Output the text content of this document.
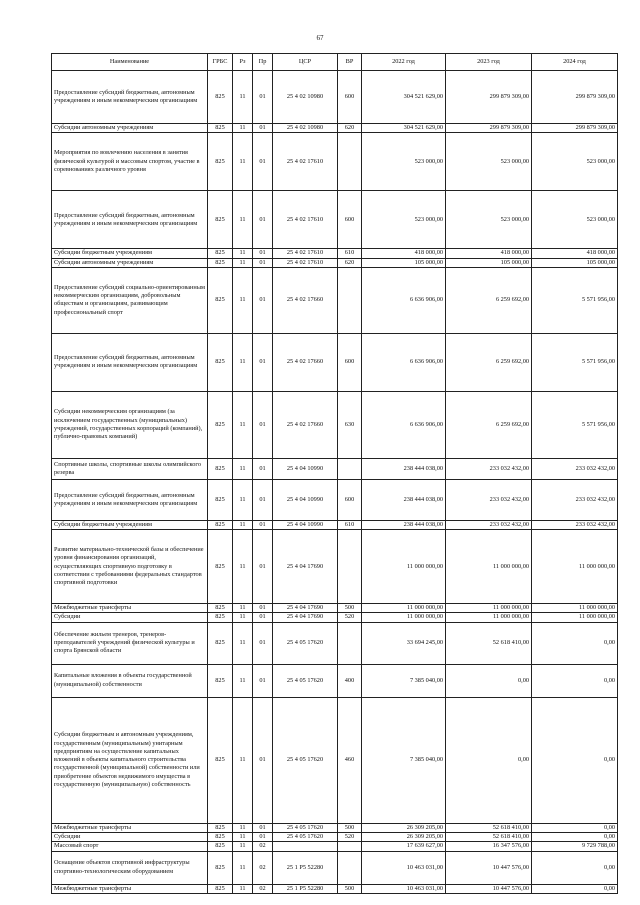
67
Наименование	ГРБС	Рз	Пр	ЦСР	ВР	2022 год	2023 год	2024 год
Предоставление субсидий бюджетным, автономным учреждениям и иным некоммерческим организациям	825	11	01	25 4 02 10980	600	304 521 629,00	299 879 309,00	299 879 309,00
Субсидии автономным учреждениям	825	11	01	25 4 02 10980	620	304 521 629,00	299 879 309,00	299 879 309,00
Мероприятия по вовлечению населения в занятия физической культурой и массовым спортом, участие в соревнованиях различного уровня	825	11	01	25 4 02 17610		523 000,00	523 000,00	523 000,00
Предоставление субсидий бюджетным, автономным учреждениям и иным некоммерческим организациям	825	11	01	25 4 02 17610	600	523 000,00	523 000,00	523 000,00
Субсидии бюджетным учреждениям	825	11	01	25 4 02 17610	610	418 000,00	418 000,00	418 000,00
Субсидии автономным учреждениям	825	11	01	25 4 02 17610	620	105 000,00	105 000,00	105 000,00
Предоставление субсидий социально-ориентированным некоммерческим организациям, добровольным обществам и организациям, развивающим профессиональный спорт	825	11	01	25 4 02 17660		6 636 906,00	6 259 692,00	5 571 956,00
Предоставление субсидий бюджетным, автономным учреждениям и иным некоммерческим организациям	825	11	01	25 4 02 17660	600	6 636 906,00	6 259 692,00	5 571 956,00
Субсидии некоммерческим организациям (за исключением государственных (муниципальных) учреждений, государственных корпораций (компаний), публично-правовых компаний)	825	11	01	25 4 02 17660	630	6 636 906,00	6 259 692,00	5 571 956,00
Спортивные школы, спортивные школы олимпийского резерва	825	11	01	25 4 04 10990		238 444 038,00	233 032 432,00	233 032 432,00
Предоставление субсидий бюджетным, автономным учреждениям и иным некоммерческим организациям	825	11	01	25 4 04 10990	600	238 444 038,00	233 032 432,00	233 032 432,00
Субсидии бюджетным учреждениям	825	11	01	25 4 04 10990	610	238 444 038,00	233 032 432,00	233 032 432,00
Развитие материально-технической базы и обеспечение уровня финансирования организаций, осуществляющих спортивную подготовку в соответствии с требованиями федеральных стандартов спортивной подготовки	825	11	01	25 4 04 17690		11 000 000,00	11 000 000,00	11 000 000,00
Межбюджетные трансферты	825	11	01	25 4 04 17690	500	11 000 000,00	11 000 000,00	11 000 000,00
Субсидии	825	11	01	25 4 04 17690	520	11 000 000,00	11 000 000,00	11 000 000,00
Обеспечение жильем тренеров, тренеров-преподавателей учреждений физической культуры и спорта Брянской области	825	11	01	25 4 05 17620		33 694 245,00	52 618 410,00	0,00
Капитальные вложения в объекты государственной (муниципальной) собственности	825	11	01	25 4 05 17620	400	7 385 040,00	0,00	0,00
Субсидии бюджетным и автономным учреждениям, государственным (муниципальным) унитарным предприятиям на осуществление капитальных вложений в объекты капитального строительства государственной (муниципальной) собственности или приобретение объектов недвижимого имущества в государственную (муниципальную) собственность	825	11	01	25 4 05 17620	460	7 385 040,00	0,00	0,00
Межбюджетные трансферты	825	11	01	25 4 05 17620	500	26 309 205,00	52 618 410,00	0,00
Субсидии	825	11	01	25 4 05 17620	520	26 309 205,00	52 618 410,00	0,00
Массовый спорт	825	11	02			17 639 627,00	16 347 576,00	9 729 788,00
Оснащение объектов спортивной инфраструктуры спортивно-технологическим оборудованием	825	11	02	25 1 P5 52280		10 463 031,00	10 447 576,00	0,00
Межбюджетные трансферты	825	11	02	25 1 P5 52280	500	10 463 031,00	10 447 576,00	0,00
